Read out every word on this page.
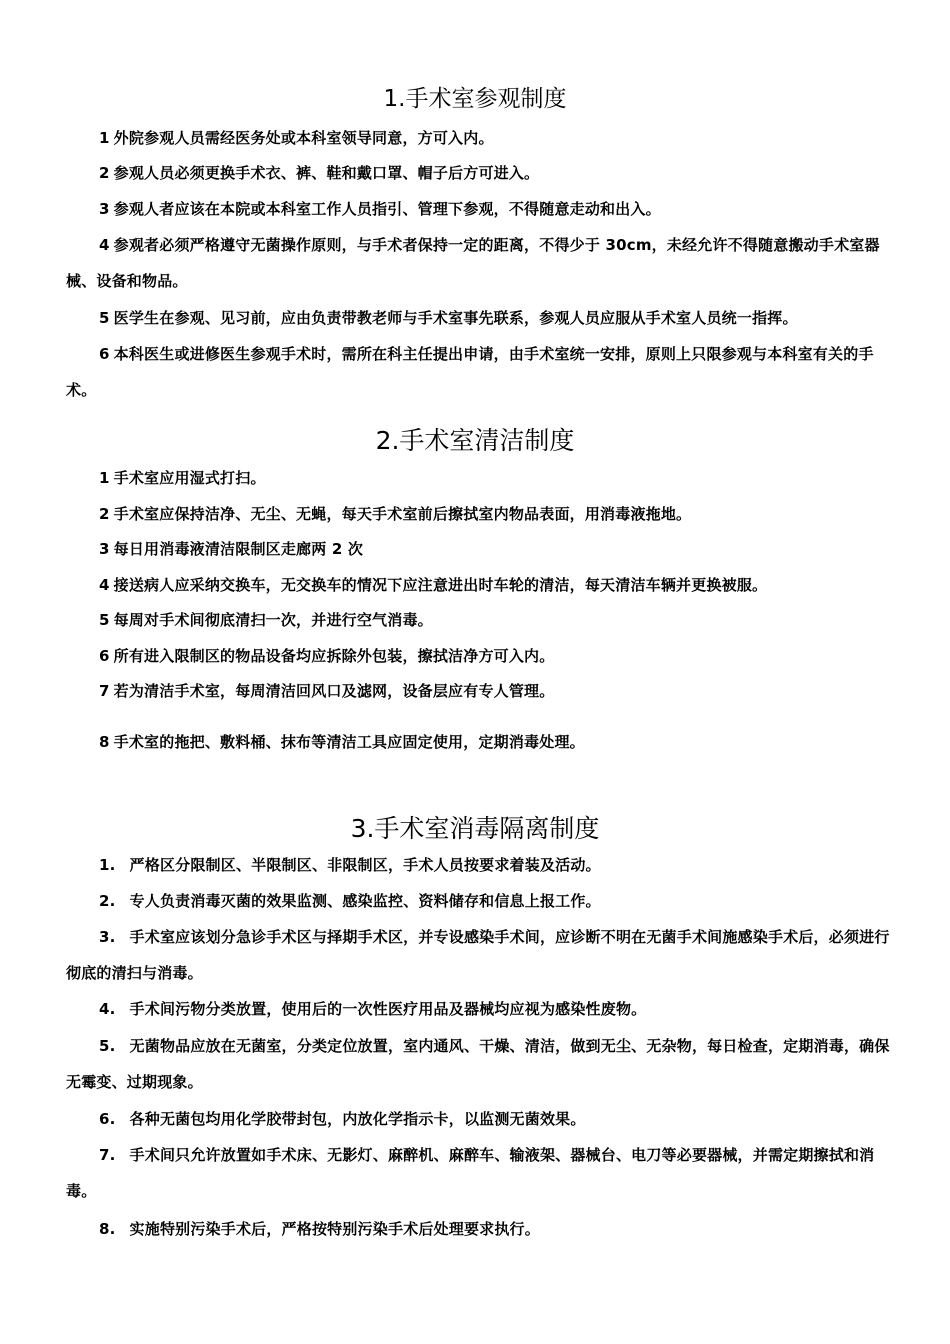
1.手术室参观制度

1 外院参观人员需经医务处或本科室领导同意，方可入内。

2 参观人员必须更换手术衣、裤、鞋和戴口罩、帽子后方可进入。

3 参观人者应该在本院或本科室工作人员指引、管理下参观，不得随意走动和出入。

4 参观者必须严格遵守无菌操作原则，与手术者保持一定的距离，不得少于 30cm，未经允许不得随意搬动手术室器械、设备和物品。

5 医学生在参观、见习前，应由负责带教老师与手术室事先联系，参观人员应服从手术室人员统一指挥。

6 本科医生或进修医生参观手术时，需所在科主任提出申请，由手术室统一安排，原则上只限参观与本科室有关的手术。

2.手术室清洁制度

1 手术室应用湿式打扫。

2 手术室应保持洁净、无尘、无蝇，每天手术室前后擦拭室内物品表面，用消毒液拖地。

3 每日用消毒液清洁限制区走廊两 2 次

4 接送病人应采纳交换车，无交换车的情况下应注意进出时车轮的清洁，每天清洁车辆并更换被服。

5 每周对手术间彻底清扫一次，并进行空气消毒。

6 所有进入限制区的物品设备均应拆除外包装，擦拭洁净方可入内。

7 若为清洁手术室，每周清洁回风口及滤网，设备层应有专人管理。

8 手术室的拖把、敷料桶、抹布等清洁工具应固定使用，定期消毒处理。

3.手术室消毒隔离制度

1. 严格区分限制区、半限制区、非限制区，手术人员按要求着装及活动。

2. 专人负责消毒灭菌的效果监测、感染监控、资料储存和信息上报工作。

3. 手术室应该划分急诊手术区与择期手术区，并专设感染手术间，应诊断不明在无菌手术间施感染手术后，必须进行彻底的清扫与消毒。

4. 手术间污物分类放置，使用后的一次性医疗用品及器械均应视为感染性废物。

5. 无菌物品应放在无菌室，分类定位放置，室内通风、干燥、清洁，做到无尘、无杂物，每日检查，定期消毒，确保无霉变、过期现象。

6. 各种无菌包均用化学胶带封包，内放化学指示卡，以监测无菌效果。

7. 手术间只允许放置如手术床、无影灯、麻醉机、麻醉车、输液架、器械台、电刀等必要器械，并需定期擦拭和消毒。

8. 实施特别污染手术后，严格按特别污染手术后处理要求执行。
